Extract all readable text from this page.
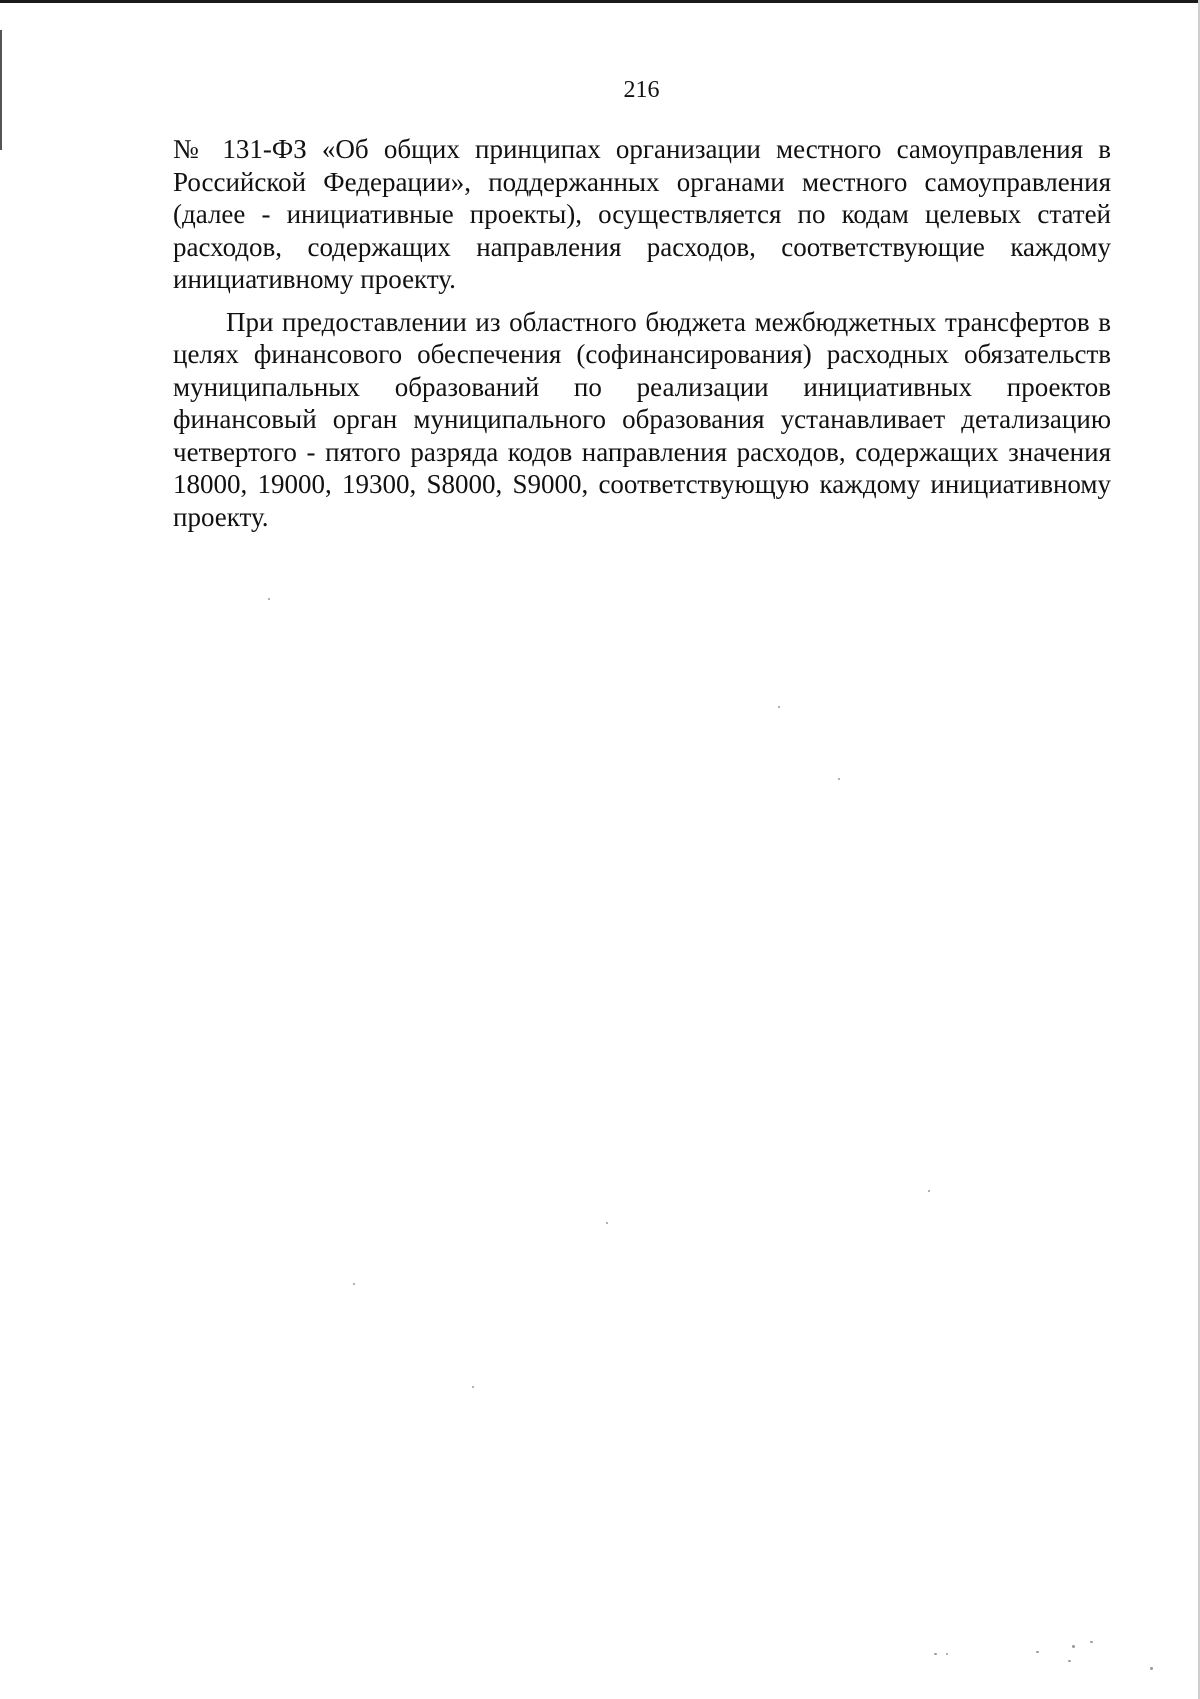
216

№ 131-ФЗ «Об общих принципах организации местного самоуправления в Российской Федерации», поддержанных органами местного самоуправления (далее - инициативные проекты), осуществляется по кодам целевых статей расходов, содержащих направления расходов, соответствующие каждому инициативному проекту.

При предоставлении из областного бюджета межбюджетных трансфертов в целях финансового обеспечения (софинансирования) расходных обязательств муниципальных образований по реализации инициативных проектов финансовый орган муниципального образования устанавливает детализацию четвертого - пятого разряда кодов направления расходов, содержащих значения 18000, 19000, 19300, S8000, S9000, соответствующую каждому инициативному проекту.
